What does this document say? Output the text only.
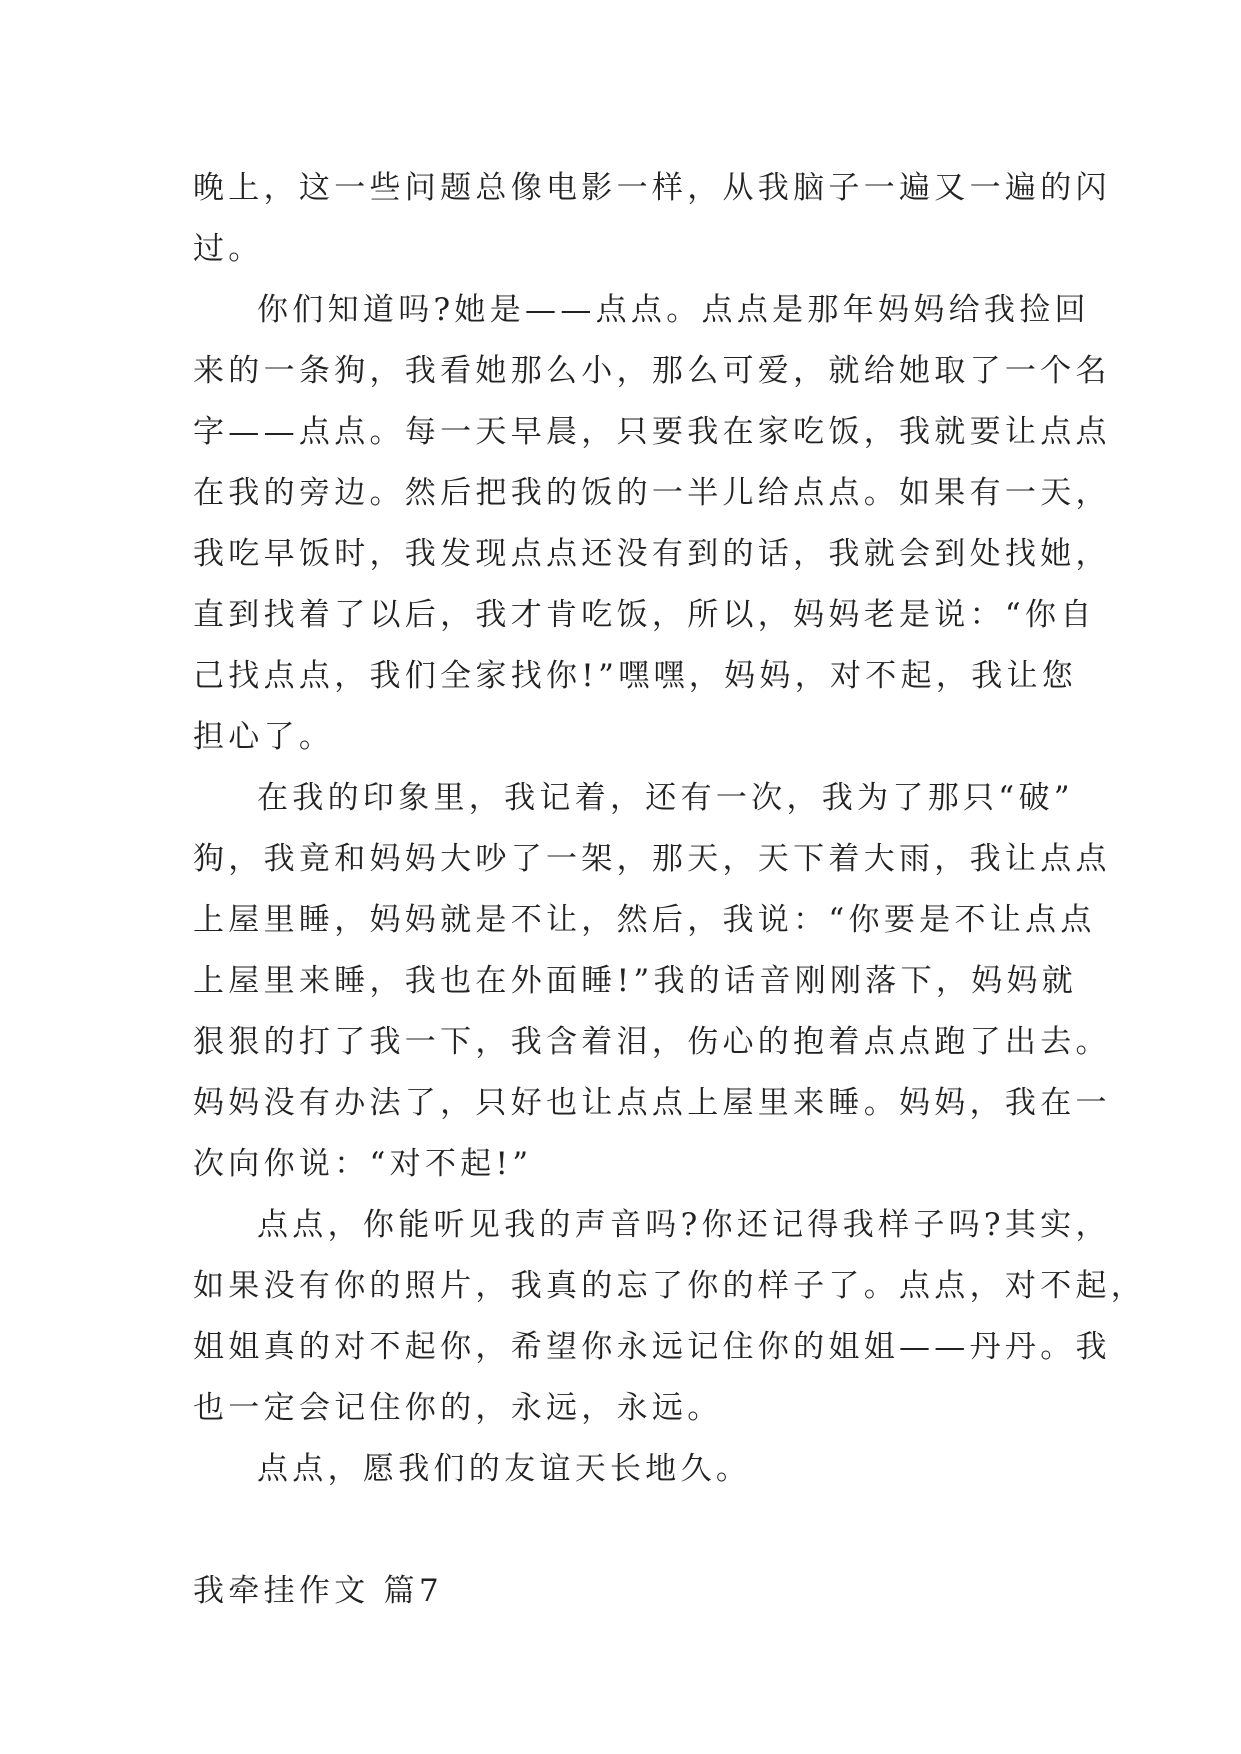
晚上，这一些问题总像电影一样，从我脑子一遍又一遍的闪
过。
你们知道吗?她是——点点。点点是那年妈妈给我捡回
来的一条狗，我看她那么小，那么可爱，就给她取了一个名
字——点点。每一天早晨，只要我在家吃饭，我就要让点点
在我的旁边。然后把我的饭的一半儿给点点。如果有一天，
我吃早饭时，我发现点点还没有到的话，我就会到处找她，
直到找着了以后，我才肯吃饭，所以，妈妈老是说：“你自
己找点点，我们全家找你!”嘿嘿，妈妈，对不起，我让您
担心了。
在我的印象里，我记着，还有一次，我为了那只“破”
狗，我竟和妈妈大吵了一架，那天，天下着大雨，我让点点
上屋里睡，妈妈就是不让，然后，我说：“你要是不让点点
上屋里来睡，我也在外面睡!”我的话音刚刚落下，妈妈就
狠狠的打了我一下，我含着泪，伤心的抱着点点跑了出去。
妈妈没有办法了，只好也让点点上屋里来睡。妈妈，我在一
次向你说：“对不起!”
点点，你能听见我的声音吗?你还记得我样子吗?其实，
如果没有你的照片，我真的忘了你的样子了。点点，对不起，
姐姐真的对不起你，希望你永远记住你的姐姐——丹丹。我
也一定会记住你的，永远，永远。
点点，愿我们的友谊天长地久。
我牵挂作文 篇7
